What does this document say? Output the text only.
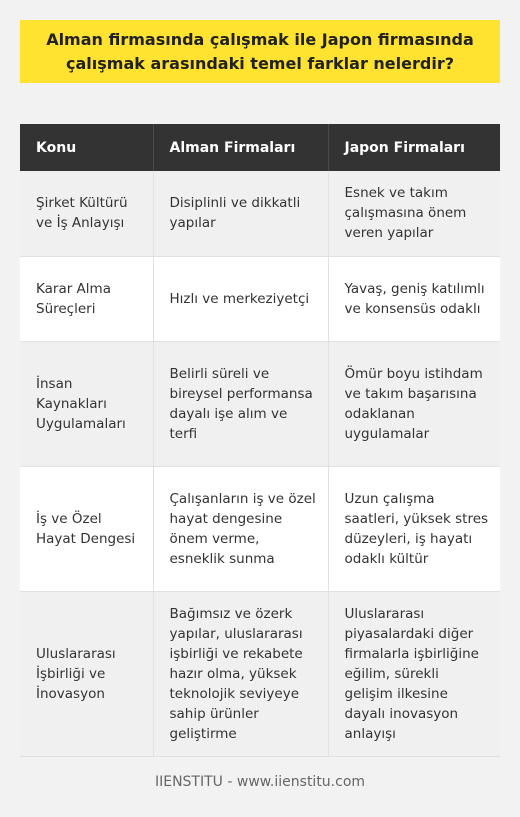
Alman firmasında çalışmak ile Japon firmasında çalışmak arasındaki temel farklar nelerdir?
Konu	Alman Firmaları	Japon Firmaları
Şirket Kültürü ve İş Anlayışı	Disiplinli ve dikkatli yapılar	Esnek ve takım çalışmasına önem veren yapılar
Karar Alma Süreçleri	Hızlı ve merkeziyetçi	Yavaş, geniş katılımlı ve konsensüs odaklı
İnsan Kaynakları Uygulamaları	Belirli süreli ve bireysel performansa dayalı işe alım ve terfi	Ömür boyu istihdam ve takım başarısına odaklanan uygulamalar
İş ve Özel Hayat Dengesi	Çalışanların iş ve özel hayat dengesine önem verme, esneklik sunma	Uzun çalışma saatleri, yüksek stres düzeyleri, iş hayatı odaklı kültür
Uluslararası İşbirliği ve İnovasyon	Bağımsız ve özerk yapılar, uluslararası işbirliği ve rekabete hazır olma, yüksek teknolojik seviyeye sahip ürünler geliştirme	Uluslararası piyasalardaki diğer firmalarla işbirliğine eğilim, sürekli gelişim ilkesine dayalı inovasyon anlayışı
IIENSTITU - www.iienstitu.com
